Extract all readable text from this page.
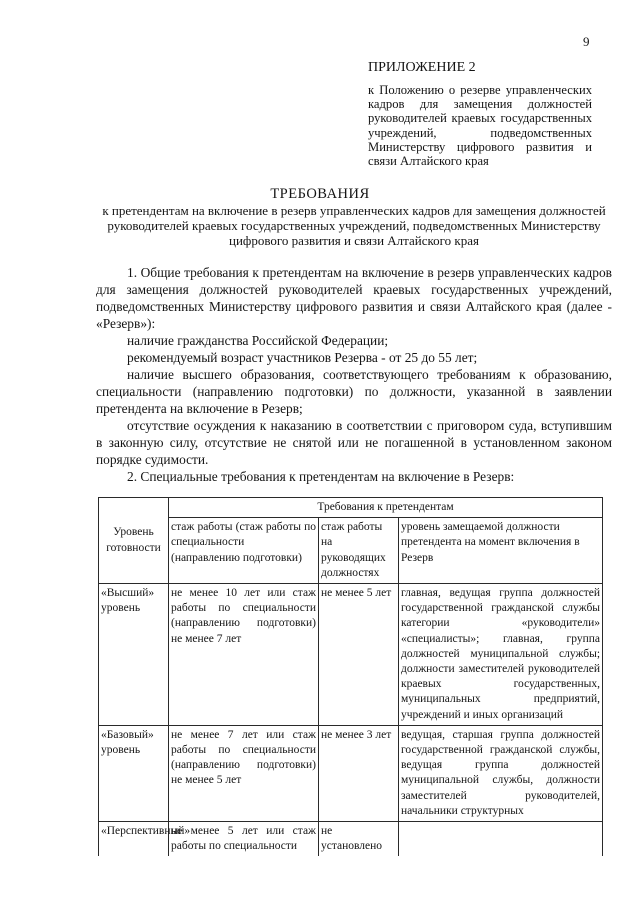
9
ПРИЛОЖЕНИЕ 2
к Положению о резерве управленческих кадров для замещения должностей руководителей краевых государственных учреждений, подведомственных Министерству цифрового развития и связи Алтайского края
ТРЕБОВАНИЯ
к претендентам на включение в резерв управленческих кадров для замещения должностей руководителей краевых государственных учреждений, подведомственных Министерству цифрового развития и связи Алтайского края

1. Общие требования к претендентам на включение в резерв управленческих кадров для замещения должностей руководителей краевых государственных учреждений, подведомственных Министерству цифрового развития и связи Алтайского края (далее - «Резерв»):

наличие гражданства Российской Федерации;

рекомендуемый возраст участников Резерва - от 25 до 55 лет;

наличие высшего образования, соответствующего требованиям к образованию, специальности (направлению подготовки) по должности, указанной в заявлении претендента на включение в Резерв;

отсутствие осуждения к наказанию в соответствии с приговором суда, вступившим в законную силу, отсутствие не снятой или не погашенной в установленном законом порядке судимости.

2. Специальные требования к претендентам на включение в Резерв:

Уровень готовности	Требования к претендентам		
	стаж работы (стаж работы по специальности (направлению подготовки)	стаж работы на руководящих должностях	уровень замещаемой должности претендента на момент включения в Резерв
«Высший» уровень	не менее 10 лет или стаж работы по специальности (направлению подготовки) не менее 7 лет	не менее 5 лет	главная, ведущая группа должностей государственной гражданской службы категории «руководители» «специалисты»; главная, группа должностей муниципальной службы; должности заместителей руководителей краевых государственных, муниципальных предприятий, учреждений и иных организаций
«Базовый» уровень	не менее 7 лет или стаж работы по специальности (направлению подготовки) не менее 5 лет	не менее 3 лет	ведущая, старшая группа должностей государственной гражданской службы, ведущая группа должностей муниципальной службы, должности заместителей руководителей, начальники структурных
«Перспективный»	не менее 5 лет или стаж работы по специальности	не установлено	
